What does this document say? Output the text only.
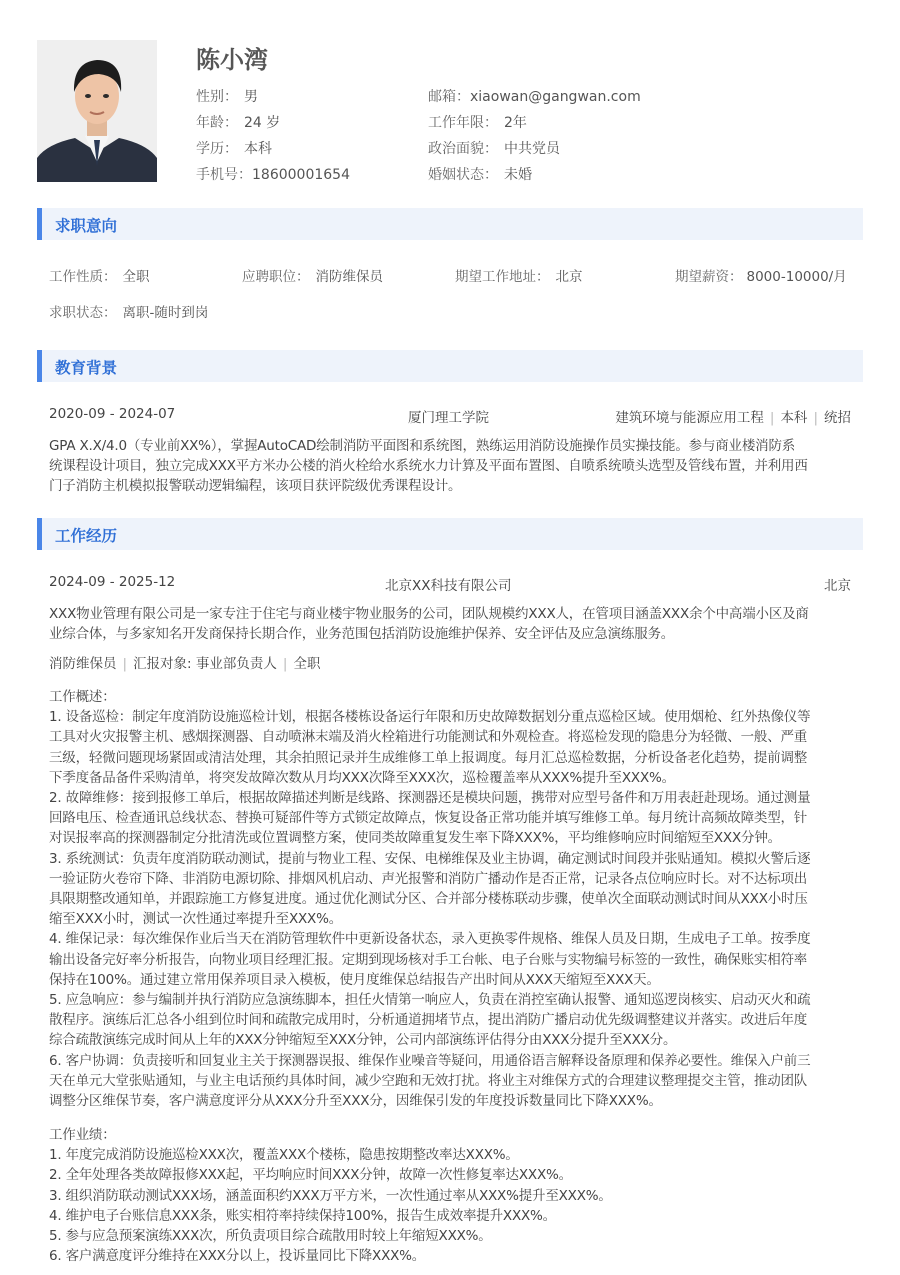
陈小湾
性别： 男	邮箱：xiaowan@gangwan.com
年龄： 24 岁	工作年限： 2年
学历： 本科	政治面貌： 中共党员
手机号：18600001654	婚姻状态： 未婚
求职意向
工作性质： 全职	应聘职位： 消防维保员	期望工作地址： 北京	期望薪资： 8000-10000/月
求职状态： 离职-随时到岗
教育背景
2020-09 - 2024-07	厦门理工学院	建筑环境与能源应用工程 | 本科 | 统招
GPA X.X/4.0（专业前XX%），掌握AutoCAD绘制消防平面图和系统图，熟练运用消防设施操作员实操技能。参与商业楼消防系
统课程设计项目，独立完成XXX平方米办公楼的消火栓给水系统水力计算及平面布置图、自喷系统喷头选型及管线布置，并利用西
门子消防主机模拟报警联动逻辑编程，该项目获评院级优秀课程设计。
工作经历
2024-09 - 2025-12	北京XX科技有限公司	北京
XXX物业管理有限公司是一家专注于住宅与商业楼宇物业服务的公司，团队规模约XXX人，在管项目涵盖XXX余个中高端小区及商
业综合体，与多家知名开发商保持长期合作，业务范围包括消防设施维护保养、安全评估及应急演练服务。
消防维保员 | 汇报对象: 事业部负责人 | 全职
工作概述：
1. 设备巡检：制定年度消防设施巡检计划，根据各楼栋设备运行年限和历史故障数据划分重点巡检区域。使用烟枪、红外热像仪等
工具对火灾报警主机、感烟探测器、自动喷淋末端及消火栓箱进行功能测试和外观检查。将巡检发现的隐患分为轻微、一般、严重
三级，轻微问题现场紧固或清洁处理，其余拍照记录并生成维修工单上报调度。每月汇总巡检数据，分析设备老化趋势，提前调整
下季度备品备件采购清单，将突发故障次数从月均XXX次降至XXX次，巡检覆盖率从XXX%提升至XXX%。
2. 故障维修：接到报修工单后，根据故障描述判断是线路、探测器还是模块问题，携带对应型号备件和万用表赶赴现场。通过测量
回路电压、检查通讯总线状态、替换可疑部件等方式锁定故障点，恢复设备正常功能并填写维修工单。每月统计高频故障类型，针
对误报率高的探测器制定分批清洗或位置调整方案，使同类故障重复发生率下降XXX%，平均维修响应时间缩短至XXX分钟。
3. 系统测试：负责年度消防联动测试，提前与物业工程、安保、电梯维保及业主协调，确定测试时间段并张贴通知。模拟火警后逐
一验证防火卷帘下降、非消防电源切除、排烟风机启动、声光报警和消防广播动作是否正常，记录各点位响应时长。对不达标项出
具限期整改通知单，并跟踪施工方修复进度。通过优化测试分区、合并部分楼栋联动步骤，使单次全面联动测试时间从XXX小时压
缩至XXX小时，测试一次性通过率提升至XXX%。
4. 维保记录：每次维保作业后当天在消防管理软件中更新设备状态，录入更换零件规格、维保人员及日期，生成电子工单。按季度
输出设备完好率分析报告，向物业项目经理汇报。定期到现场核对手工台帐、电子台账与实物编号标签的一致性，确保账实相符率
保持在100%。通过建立常用保养项目录入模板，使月度维保总结报告产出时间从XXX天缩短至XXX天。
5. 应急响应：参与编制并执行消防应急演练脚本，担任火情第一响应人，负责在消控室确认报警、通知巡逻岗核实、启动灭火和疏
散程序。演练后汇总各小组到位时间和疏散完成用时，分析通道拥堵节点，提出消防广播启动优先级调整建议并落实。改进后年度
综合疏散演练完成时间从上年的XXX分钟缩短至XXX分钟，公司内部演练评估得分由XXX分提升至XXX分。
6. 客户协调：负责接听和回复业主关于探测器误报、维保作业噪音等疑问，用通俗语言解释设备原理和保养必要性。维保入户前三
天在单元大堂张贴通知，与业主电话预约具体时间，减少空跑和无效打扰。将业主对维保方式的合理建议整理提交主管，推动团队
调整分区维保节奏，客户满意度评分从XXX分升至XXX分，因维保引发的年度投诉数量同比下降XXX%。
工作业绩：
1. 年度完成消防设施巡检XXX次，覆盖XXX个楼栋，隐患按期整改率达XXX%。
2. 全年处理各类故障报修XXX起，平均响应时间XXX分钟，故障一次性修复率达XXX%。
3. 组织消防联动测试XXX场，涵盖面积约XXX万平方米，一次性通过率从XXX%提升至XXX%。
4. 维护电子台账信息XXX条，账实相符率持续保持100%，报告生成效率提升XXX%。
5. 参与应急预案演练XXX次，所负责项目综合疏散用时较上年缩短XXX%。
6. 客户满意度评分维持在XXX分以上，投诉量同比下降XXX%。
